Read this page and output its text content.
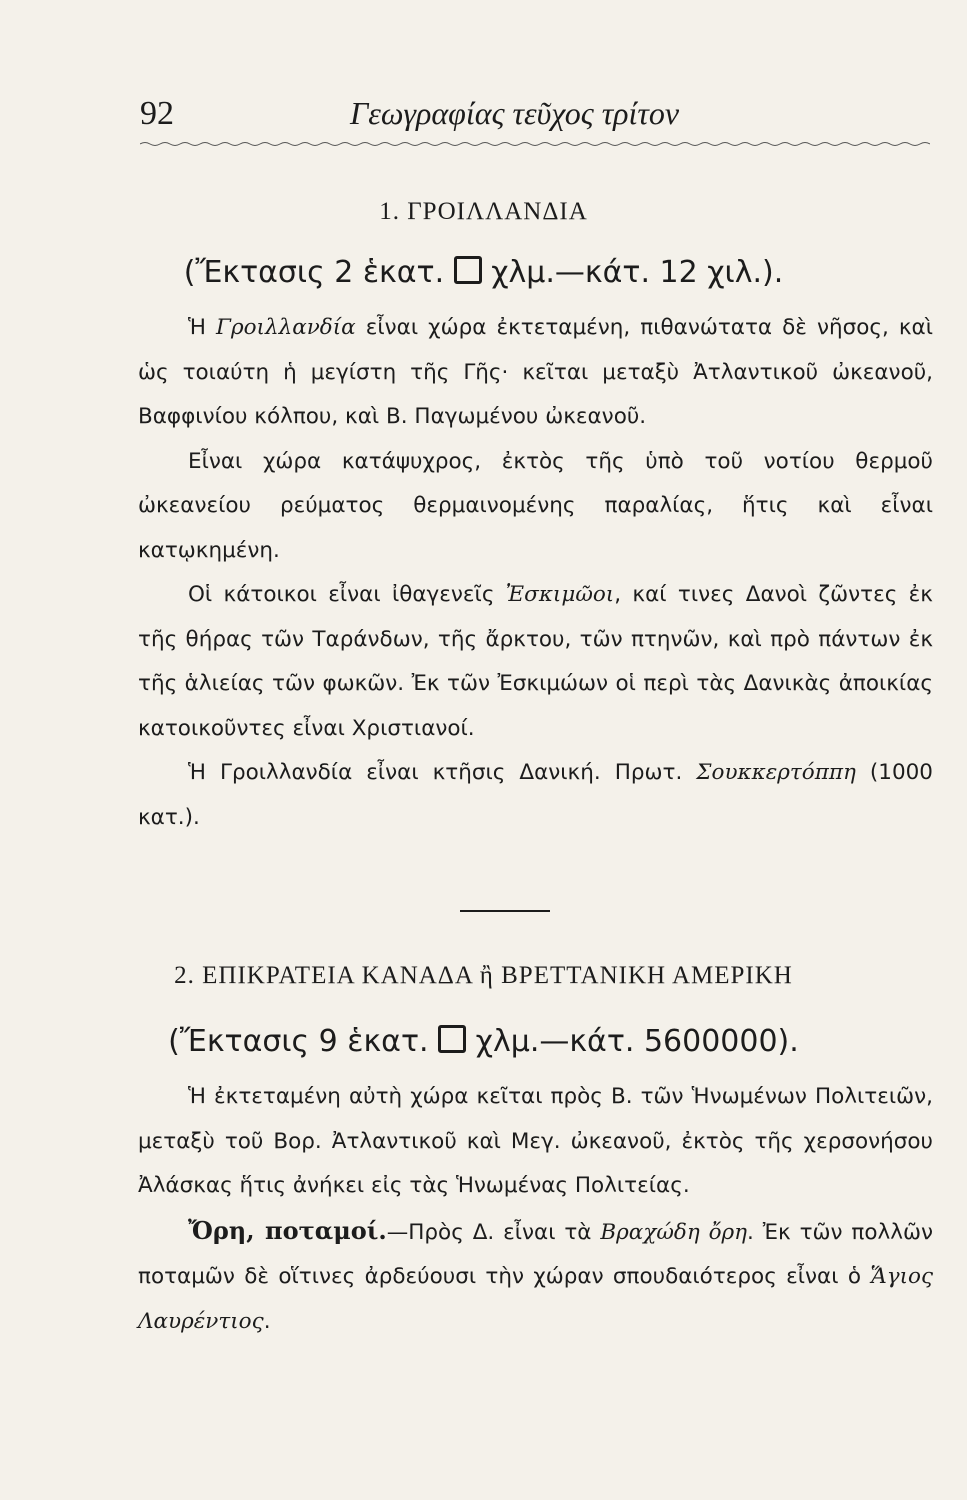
92	Γεωγραφίας τεῦχος τρίτον
1. ΓΡΟΙΛΛΑΝΔΙΑ
(Ἔκτασις 2 ἑκατ. χλμ.—κάτ. 12 χιλ.).

Ἡ Γροιλλανδία εἶναι χώρα ἐκτεταμένη, πιθανώτατα δὲ νῆσος, καὶ ὡς τοιαύτη ἡ μεγίστη τῆς Γῆς· κεῖται μεταξὺ Ἀτλαντικοῦ ὠκεανοῦ, Βαφφινίου κόλπου, καὶ Β. Παγωμένου ὠκεανοῦ.

Εἶναι χώρα κατάψυχρος, ἐκτὸς τῆς ὑπὸ τοῦ νοτίου θερμοῦ ὠκεανείου ρεύματος θερμαινομένης παραλίας, ἥτις καὶ εἶναι κατῳκημένη.

Οἱ κάτοικοι εἶναι ἰθαγενεῖς Ἐσκιμῶοι, καί τινες Δανοὶ ζῶντες ἐκ τῆς θήρας τῶν Ταράνδων, τῆς ἄρκτου, τῶν πτηνῶν, καὶ πρὸ πάντων ἐκ τῆς ἁλιείας τῶν φωκῶν. Ἐκ τῶν Ἐσκιμώων οἱ περὶ τὰς Δανικὰς ἀποικίας κατοικοῦντες εἶναι Χριστιανοί.

Ἡ Γροιλλανδία εἶναι κτῆσις Δανική. Πρωτ. Σουκκερτόππη (1000 κατ.).

2. ΕΠΙΚΡΑΤΕΙΑ ΚΑΝΑΔΑ ἢ ΒΡΕΤΤΑΝΙΚΗ ΑΜΕΡΙΚΗ
(Ἔκτασις 9 ἑκατ. χλμ.—κάτ. 5600000).

Ἡ ἐκτεταμένη αὐτὴ χώρα κεῖται πρὸς Β. τῶν Ἡνωμένων Πολιτειῶν, μεταξὺ τοῦ Βορ. Ἀτλαντικοῦ καὶ Μεγ. ὠκεανοῦ, ἐκτὸς τῆς χερσονήσου Ἀλάσκας ἥτις ἀνήκει εἰς τὰς Ἡνωμένας Πολιτείας.

Ὄρη, ποταμοί.—Πρὸς Δ. εἶναι τὰ Βραχώδη ὄρη. Ἐκ τῶν πολλῶν ποταμῶν δὲ οἵτινες ἀρδεύουσι τὴν χώραν σπουδαιότερος εἶναι ὁ Ἅγιος Λαυρέντιος.
